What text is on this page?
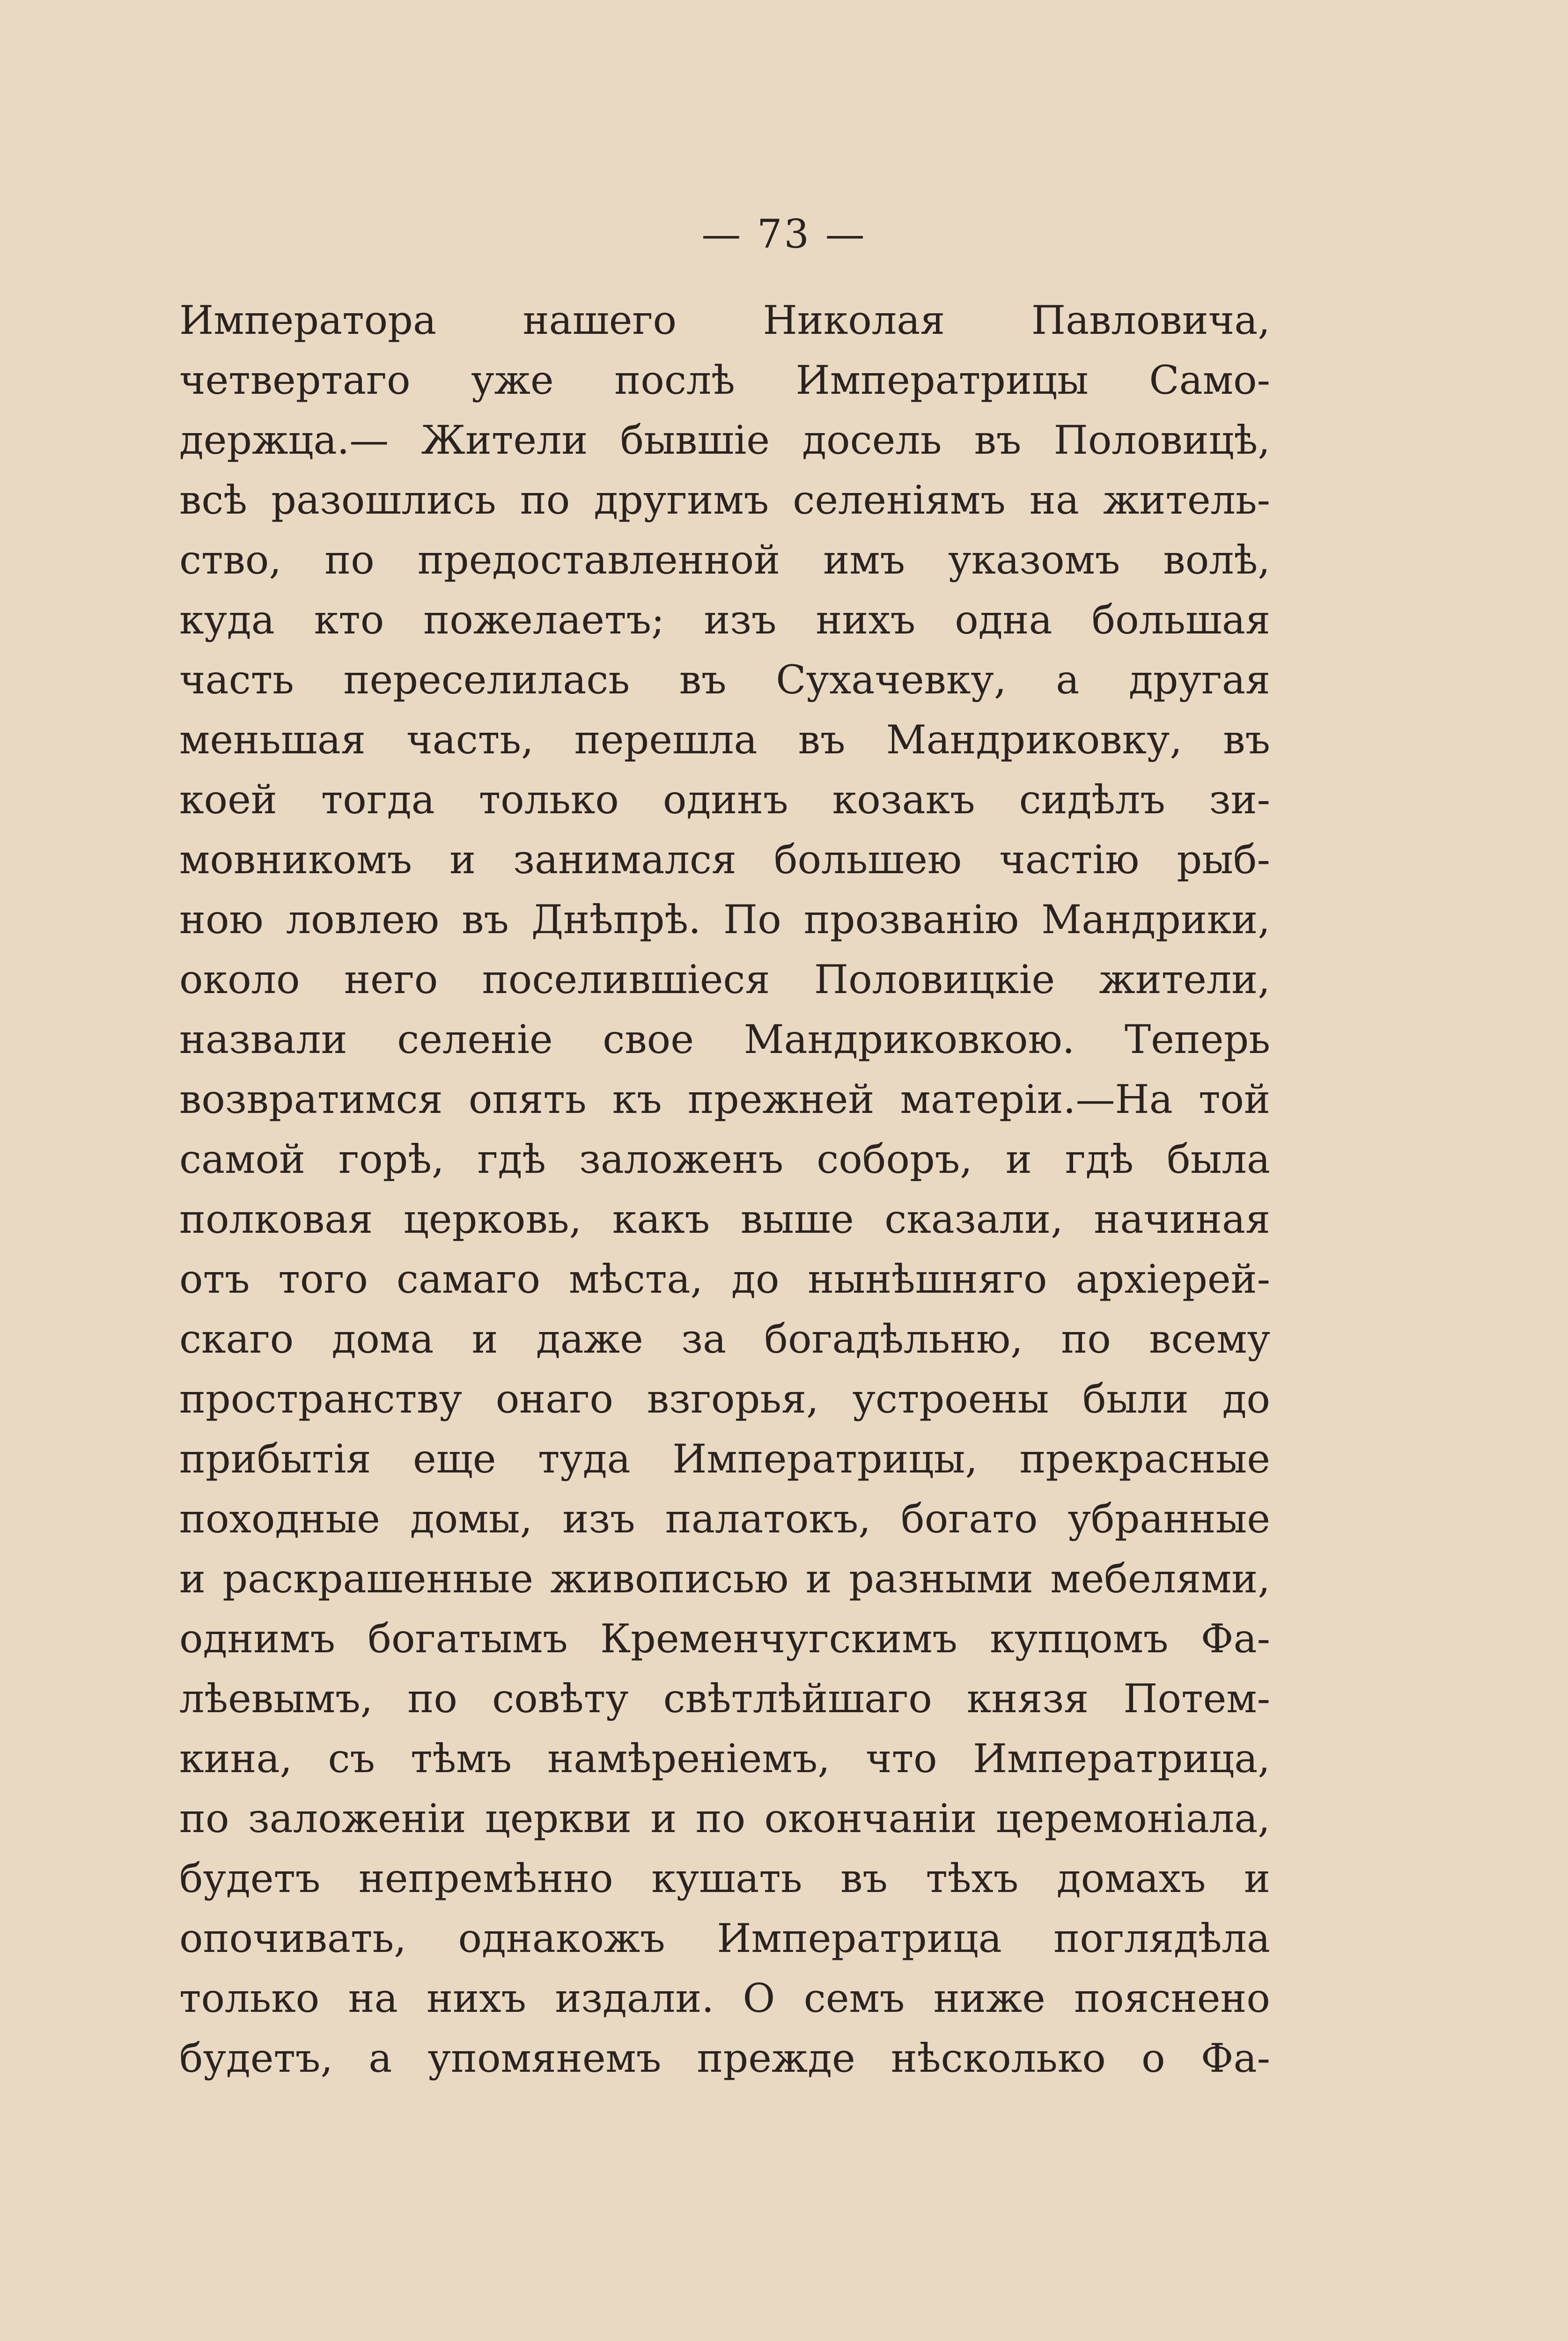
— 73 —
Императора нашего Николая Павловича,
четвертаго уже послѣ Императрицы Само-
держца.— Жители бывшіе досель въ Половицѣ,
всѣ разошлись по другимъ селеніямъ на житель-
ство, по предоставленной имъ указомъ волѣ,
куда кто пожелаетъ; изъ нихъ одна большая
часть переселилась въ Сухачевку, а другая
меньшая часть, перешла въ Мандриковку, въ
коей тогда только одинъ козакъ сидѣлъ зи-
мовникомъ и занимался большею частію рыб-
ною ловлею въ Днѣпрѣ. По прозванію Мандрики,
около него поселившіеся Половицкіе жители,
назвали селеніе свое Мандриковкою. Теперь
возвратимся опять къ прежней матеріи.—На той
самой горѣ, гдѣ заложенъ соборъ, и гдѣ была
полковая церковь, какъ выше сказали, начиная
отъ того самаго мѣста, до нынѣшняго архіерей-
скаго дома и даже за богадѣльню, по всему
пространству онаго взгорья, устроены были до
прибытія еще туда Императрицы, прекрасные
походные домы, изъ палатокъ, богато убранные
и раскрашенные живописью и разными мебелями,
однимъ богатымъ Кременчугскимъ купцомъ Фа-
лѣевымъ, по совѣту свѣтлѣйшаго князя Потем-
кина, съ тѣмъ намѣреніемъ, что Императрица,
по заложеніи церкви и по окончаніи церемоніала,
будетъ непремѣнно кушать въ тѣхъ домахъ и
опочивать, однакожъ Императрица поглядѣла
только на нихъ издали. О семъ ниже пояснено
будетъ, а упомянемъ прежде нѣсколько о Фа-
